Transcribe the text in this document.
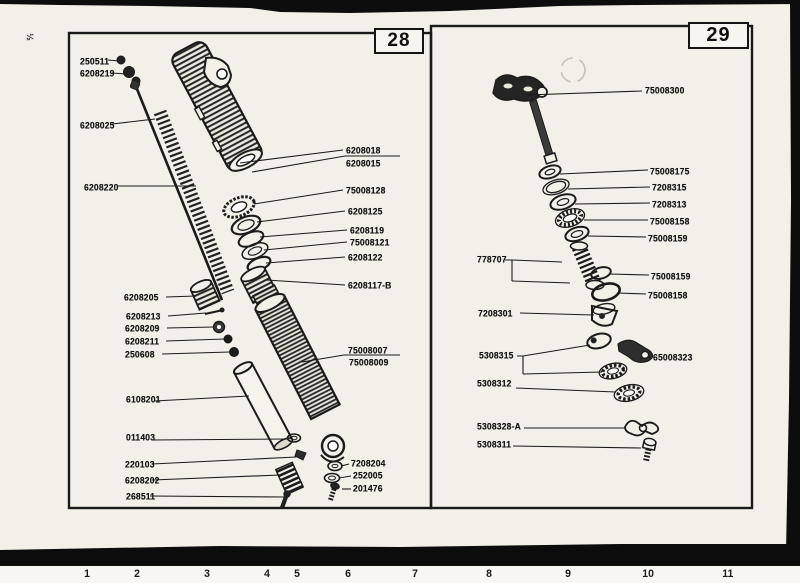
28	29
½
250511
6208219
6208025
6208220
6208018
6208015
75008128
6208125
6208119
75008121
6208122
6208117-B
6208205
6208213
6208209
6208211
250608	75008007
75008009
6108201
011403
220103
6208202
268511
7208204
252005
201476
75008300
75008175
7208315
7208313
75008158
75008159
778707
75008159
75008158
7208301
5308315	65008323
5308312
5308328-A
5308311
1	2	3	4 5	6	7	8	9	10	11
